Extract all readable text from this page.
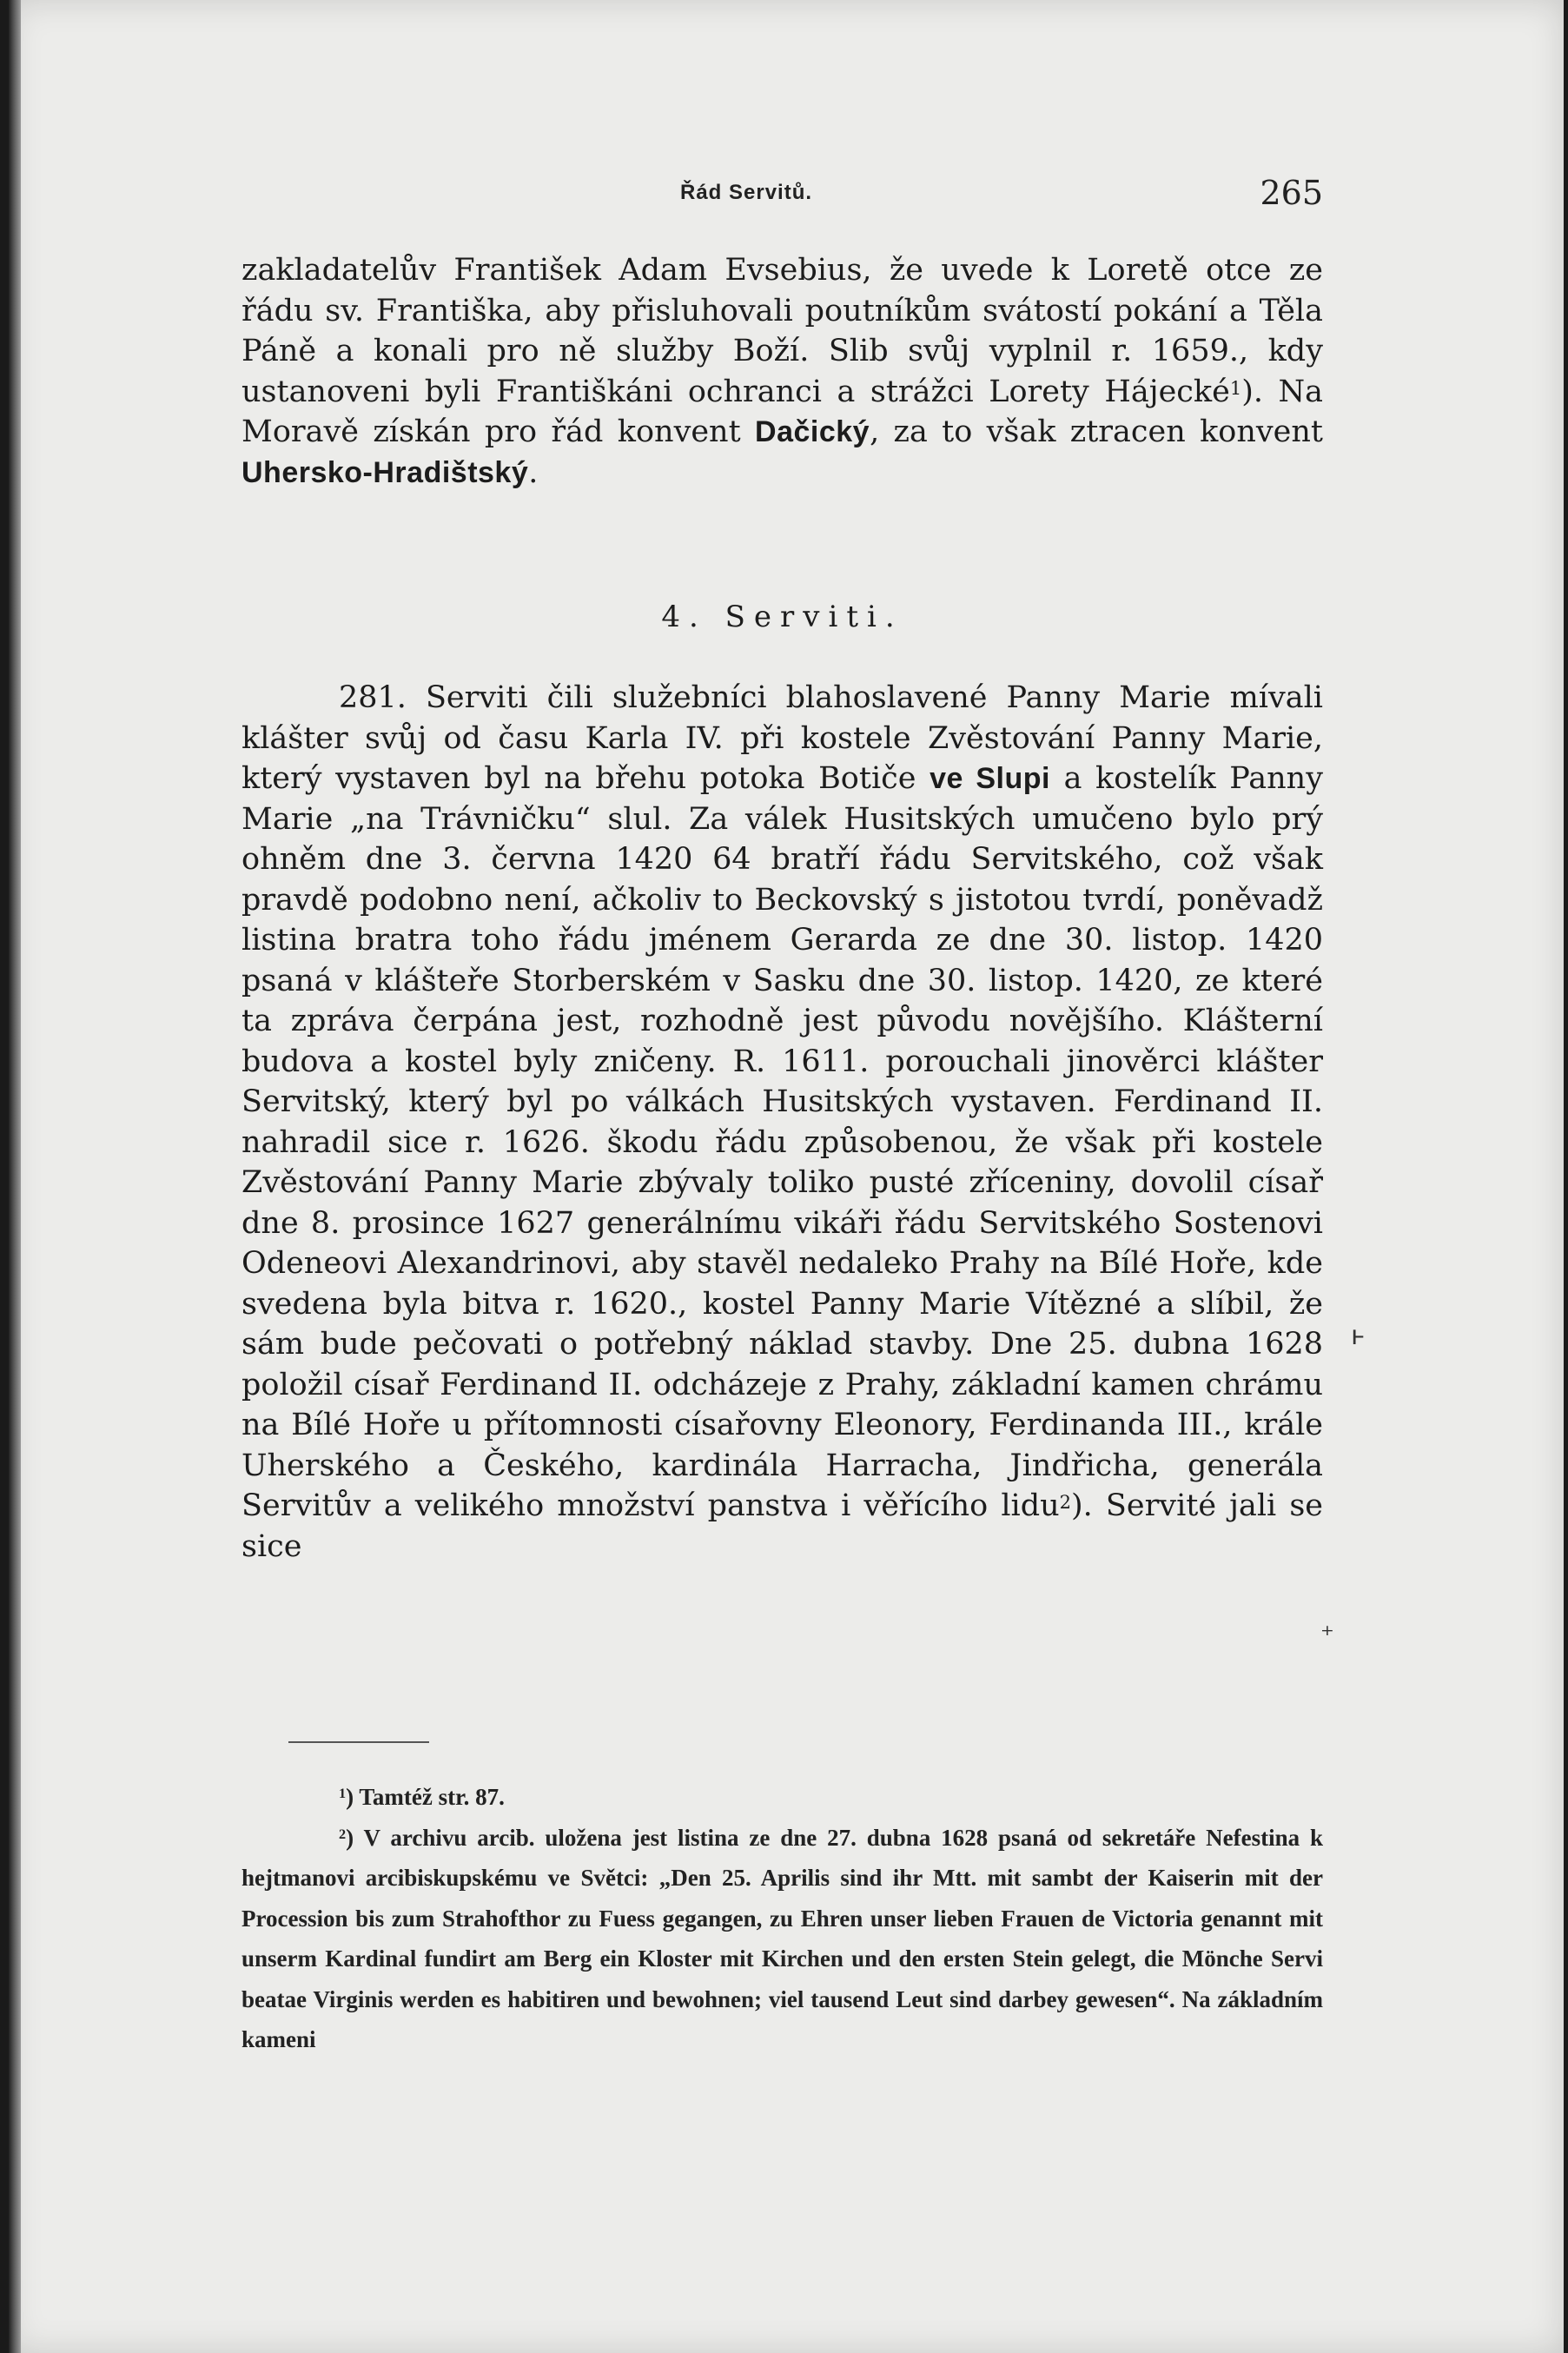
Řád Servitů.	265

zakladatelův František Adam Evsebius, že uvede k Loretě otce ze řádu sv. Františka, aby přisluhovali poutníkům svátostí pokání a Těla Páně a konali pro ně služby Boží. Slib svůj vyplnil r. 1659., kdy ustanoveni byli Františkáni ochranci a strážci Lorety Hájecké$^1$). Na Moravě získán pro řád konvent Dačický, za to však ztracen konvent Uhersko-Hradištský.

4. Serviti.

281. Serviti čili služebníci blahoslavené Panny Marie mívali klášter svůj od času Karla IV. při kostele Zvěstování Panny Marie, který vystaven byl na břehu potoka Botiče ve Slupi a kostelík Panny Marie „na Trávničku“ slul. Za válek Husitských umučeno bylo prý ohněm dne 3. června 1420 64 bratří řádu Servitského, což však pravdě podobno není, ačkoliv to Beckovský s jistotou tvrdí, poněvadž listina bratra toho řádu jménem Gerarda ze dne 30. listop. 1420 psaná v klášteře Storberském v Sasku dne 30. listop. 1420, ze které ta zpráva čerpána jest, rozhodně jest původu novějšího. Klášterní budova a kostel byly zničeny. R. 1611. porouchali jinověrci klášter Servitský, který byl po válkách Husitských vystaven. Ferdinand II. nahradil sice r. 1626. škodu řádu způsobenou, že však při kostele Zvěstování Panny Marie zbývaly toliko pusté zříceniny, dovolil císař dne 8. prosince 1627 generálnímu vikáři řádu Servitského Sostenovi Odeneovi Alexandrinovi, aby stavěl nedaleko Prahy na Bílé Hoře, kde svedena byla bitva r. 1620., kostel Panny Marie Vítězné a slíbil, že sám bude pečovati o potřebný náklad stavby. Dne 25. dubna 1628 položil císař Ferdinand II. odcházeje z Prahy, základní kamen chrámu na Bílé Hoře u přítomnosti císařovny Eleonory, Ferdinanda III., krále Uherského a Českého, kardinála Harracha, Jindřicha, generála Servitův a velikého množství panstva i věřícího lidu$^2$). Servité jali se sice

$^1$) Tamtéž str. 87.

$^2$) V archivu arcib. uložena jest listina ze dne 27. dubna 1628 psaná od sekretáře Nefestina k hejtmanovi arcibiskupskému ve Světci: „Den 25. Aprilis sind ihr Mtt. mit sambt der Kaiserin mit der Procession bis zum Strahofthor zu Fuess gegangen, zu Ehren unser lieben Frauen de Victoria genannt mit unserm Kardinal fundirt am Berg ein Kloster mit Kirchen und den ersten Stein gelegt, die Mönche Servi beatae Virginis werden es habitiren und bewohnen; viel tausend Leut sind darbey gewesen“. Na základním kameni

ⱶ
⁺
